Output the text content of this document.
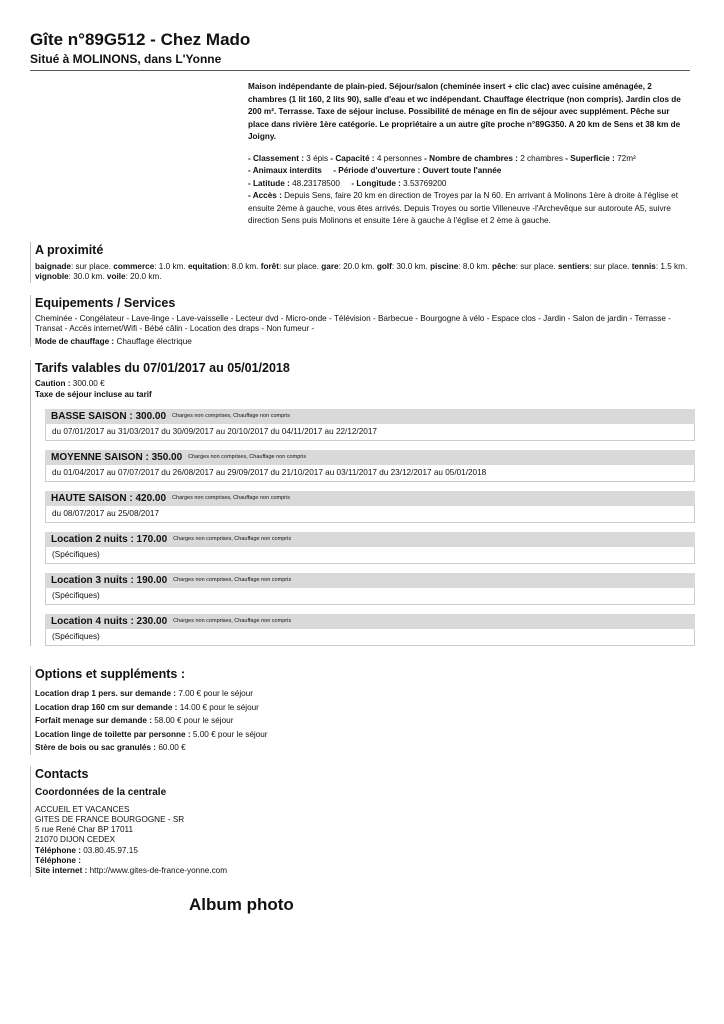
Gîte n°89G512 - Chez Mado
Situé à MOLINONS, dans L'Yonne
Maison indépendante de plain-pied. Séjour/salon (cheminée insert + clic clac) avec cuisine aménagée, 2 chambres (1 lit 160, 2 lits 90), salle d'eau et wc indépendant. Chauffage électrique (non compris). Jardin clos de 200 m². Terrasse. Taxe de séjour incluse. Possibilité de ménage en fin de séjour avec supplément. Pêche sur place dans rivière 1ère catégorie. Le propriétaire a un autre gîte proche n°89G350. A 20 km de Sens et 38 km de Joigny.
- Classement : 3 épis - Capacité : 4 personnes - Nombre de chambres : 2 chambres - Superficie : 72m²
- Animaux interdits - Période d'ouverture : Ouvert toute l'année
- Latitude : 48.23178500 - Longitude : 3.53769200
- Accès : Depuis Sens, faire 20 km en direction de Troyes par la N 60. En arrivant à Molinons 1ère à droite à l'église et ensuite 2ème à gauche, vous êtes arrivés. Depuis Troyes ou sortie Villeneuve -l'Archevêque sur autoroute A5, suivre direction Sens puis Molinons et ensuite 1ère à gauche à l'église et 2 ème à gauche.
A proximité
baignade: sur place. commerce: 1.0 km. equitation: 8.0 km. forêt: sur place. gare: 20.0 km. golf: 30.0 km. piscine: 8.0 km. pêche: sur place. sentiers: sur place. tennis: 1.5 km. vignoble: 30.0 km. voile: 20.0 km.
Equipements / Services
Cheminée - Congélateur - Lave-linge - Lave-vaisselle - Lecteur dvd - Micro-onde - Télévision - Barbecue - Bourgogne à vélo - Espace clos - Jardin - Salon de jardin - Terrasse - Transat - Accès internet/Wifi - Bébé câlin - Location des draps - Non fumeur -
Mode de chauffage : Chauffage électrique
Tarifs valables du 07/01/2017 au 05/01/2018
Caution : 300.00 €
Taxe de séjour incluse au tarif
BASSE SAISON : 300.00 Charges non comprises, Chauffage non compris
du 07/01/2017 au 31/03/2017 du 30/09/2017 au 20/10/2017 du 04/11/2017 au 22/12/2017
MOYENNE SAISON : 350.00 Charges non comprises, Chauffage non compris
du 01/04/2017 au 07/07/2017 du 26/08/2017 au 29/09/2017 du 21/10/2017 au 03/11/2017 du 23/12/2017 au 05/01/2018
HAUTE SAISON : 420.00 Charges non comprises, Chauffage non compris
du 08/07/2017 au 25/08/2017
Location 2 nuits : 170.00 Charges non comprises, Chauffage non compris
(Spécifiques)
Location 3 nuits : 190.00 Charges non comprises, Chauffage non compris
(Spécifiques)
Location 4 nuits : 230.00 Charges non comprises, Chauffage non compris
(Spécifiques)
Options et suppléments :
Location drap 1 pers. sur demande : 7.00 € pour le séjour
Location drap 160 cm sur demande : 14.00 € pour le séjour
Forfait menage sur demande : 58.00 € pour le séjour
Location linge de toilette par personne : 5.00 € pour le séjour
Stère de bois ou sac granulés : 60.00 €
Contacts
Coordonnées de la centrale
ACCUEIL ET VACANCES
GITES DE FRANCE BOURGOGNE - SR
5 rue René Char BP 17011
21070 DIJON CEDEX
Téléphone : 03.80.45.97.15
Téléphone :
Site internet : http://www.gites-de-france-yonne.com
Album photo
